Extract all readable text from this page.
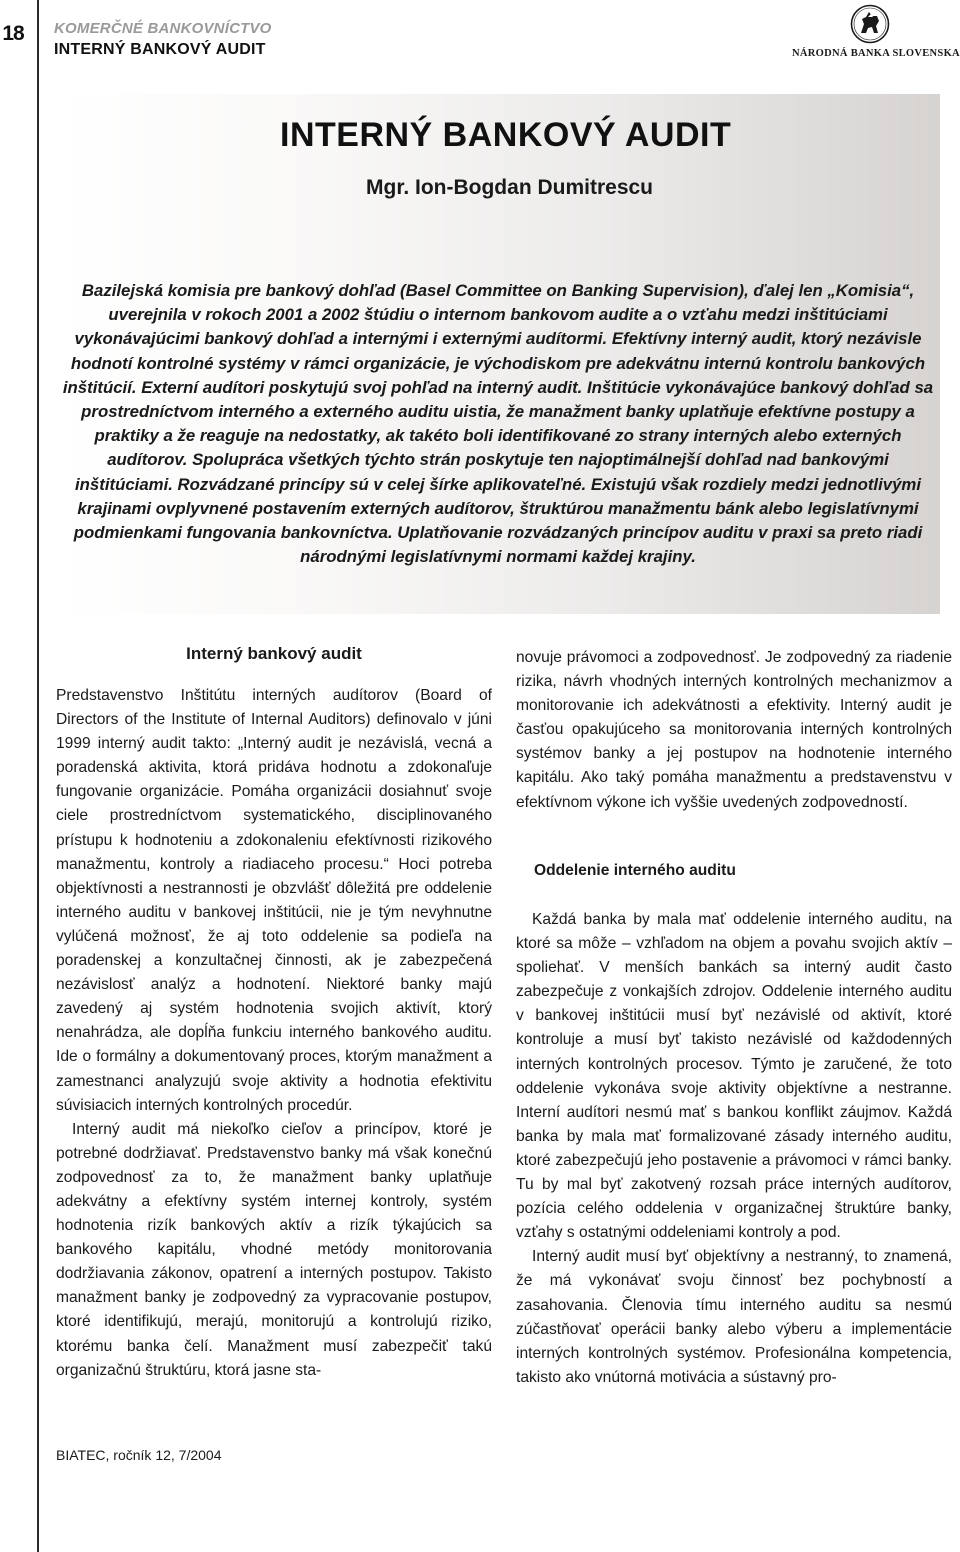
18 KOMERČNÉ BANKOVNÍCTVO
INTERNÝ BANKOVÝ AUDIT	NÁRODNÁ BANKA SLOVENSKA
INTERNÝ BANKOVÝ AUDIT
Mgr. Ion-Bogdan Dumitrescu

Bazilejská komisia pre bankový dohľad (Basel Committee on Banking Supervision), ďalej len „Komisia“, uverejnila v rokoch 2001 a 2002 štúdiu o internom bankovom audite a o vzťahu medzi inštitúciami vykonávajúcimi bankový dohľad a internými i externými audítormi. Efektívny interný audit, ktorý nezávisle hodnotí kontrolné systémy v rámci organizácie, je východiskom pre adekvátnu internú kontrolu bankových inštitúcií. Externí audítori poskytujú svoj pohľad na interný audit. Inštitúcie vykonávajúce bankový dohľad sa prostredníctvom interného a externého auditu uistia, že manažment banky uplatňuje efektívne postupy a praktiky a že reaguje na nedostatky, ak takéto boli identifikované zo strany interných alebo externých audítorov. Spolupráca všetkých týchto strán poskytuje ten najoptimálnejší dohľad nad bankovými inštitúciami. Rozvádzané princípy sú v celej šírke aplikovateľné. Existujú však rozdiely medzi jednotlivými krajinami ovplyvnené postavením externých audítorov, štruktúrou manažmentu bánk alebo legislatívnymi podmienkami fungovania bankovníctva. Uplatňovanie rozvádzaných princípov auditu v praxi sa preto riadi národnými legislatívnymi normami každej krajiny.

Interný bankový audit

Predstavenstvo Inštitútu interných audítorov (Board of Directors of the Institute of Internal Auditors) definovalo v júni 1999 interný audit takto: „Interný audit je nezávislá, vecná a poradenská aktivita, ktorá pridáva hodnotu a zdokonaľuje fungovanie organizácie. Pomáha organizácii dosiahnuť svoje ciele prostredníctvom systematického, disciplinovaného prístupu k hodnoteniu a zdokonaleniu efektívnosti rizikového manažmentu, kontroly a riadiaceho procesu.“ Hoci potreba objektívnosti a nestrannosti je obzvlášť dôležitá pre oddelenie interného auditu v bankovej inštitúcii, nie je tým nevyhnutne vylúčená možnosť, že aj toto oddelenie sa podieľa na poradenskej a konzultačnej činnosti, ak je zabezpečená nezávislosť analýz a hodnotení. Niektoré banky majú zavedený aj systém hodnotenia svojich aktivít, ktorý nenahrádza, ale dopĺňa funkciu interného bankového auditu. Ide o formálny a dokumentovaný proces, ktorým manažment a zamestnanci analyzujú svoje aktivity a hodnotia efektivitu súvisiacich interných kontrolných procedúr.

Interný audit má niekoľko cieľov a princípov, ktoré je potrebné dodržiavať. Predstavenstvo banky má však konečnú zodpovednosť za to, že manažment banky uplatňuje adekvátny a efektívny systém internej kontroly, systém hodnotenia rizík bankových aktív a rizík týkajúcich sa bankového kapitálu, vhodné metódy monitorovania dodržiavania zákonov, opatrení a interných postupov. Takisto manažment banky je zodpovedný za vypracovanie postupov, ktoré identifikujú, merajú, monitorujú a kontrolujú riziko, ktorému banka čelí. Manažment musí zabezpečiť takú organizačnú štruktúru, ktorá jasne sta-

novuje právomoci a zodpovednosť. Je zodpovedný za riadenie rizika, návrh vhodných interných kontrolných mechanizmov a monitorovanie ich adekvátnosti a efektivity. Interný audit je časťou opakujúceho sa monitorovania interných kontrolných systémov banky a jej postupov na hodnotenie interného kapitálu. Ako taký pomáha manažmentu a predstavenstvu v efektívnom výkone ich vyššie uvedených zodpovedností.

Oddelenie interného auditu

Každá banka by mala mať oddelenie interného auditu, na ktoré sa môže – vzhľadom na objem a povahu svojich aktív – spoliehať. V menších bankách sa interný audit často zabezpečuje z vonkajších zdrojov. Oddelenie interného auditu v bankovej inštitúcii musí byť nezávislé od aktivít, ktoré kontroluje a musí byť takisto nezávislé od každodenných interných kontrolných procesov. Týmto je zaručené, že toto oddelenie vykonáva svoje aktivity objektívne a nestranne. Interní audítori nesmú mať s bankou konflikt záujmov. Každá banka by mala mať formalizované zásady interného auditu, ktoré zabezpečujú jeho postavenie a právomoci v rámci banky. Tu by mal byť zakotvený rozsah práce interných audítorov, pozícia celého oddelenia v organizačnej štruktúre banky, vzťahy s ostatnými oddeleniami kontroly a pod.

Interný audit musí byť objektívny a nestranný, to znamená, že má vykonávať svoju činnosť bez pochybností a zasahovania. Členovia tímu interného auditu sa nesmú zúčastňovať operácii banky alebo výberu a implementácie interných kontrolných systémov. Profesionálna kompetencia, takisto ako vnútorná motivácia a sústavný pro-

BIATEC, ročník 12, 7/2004
